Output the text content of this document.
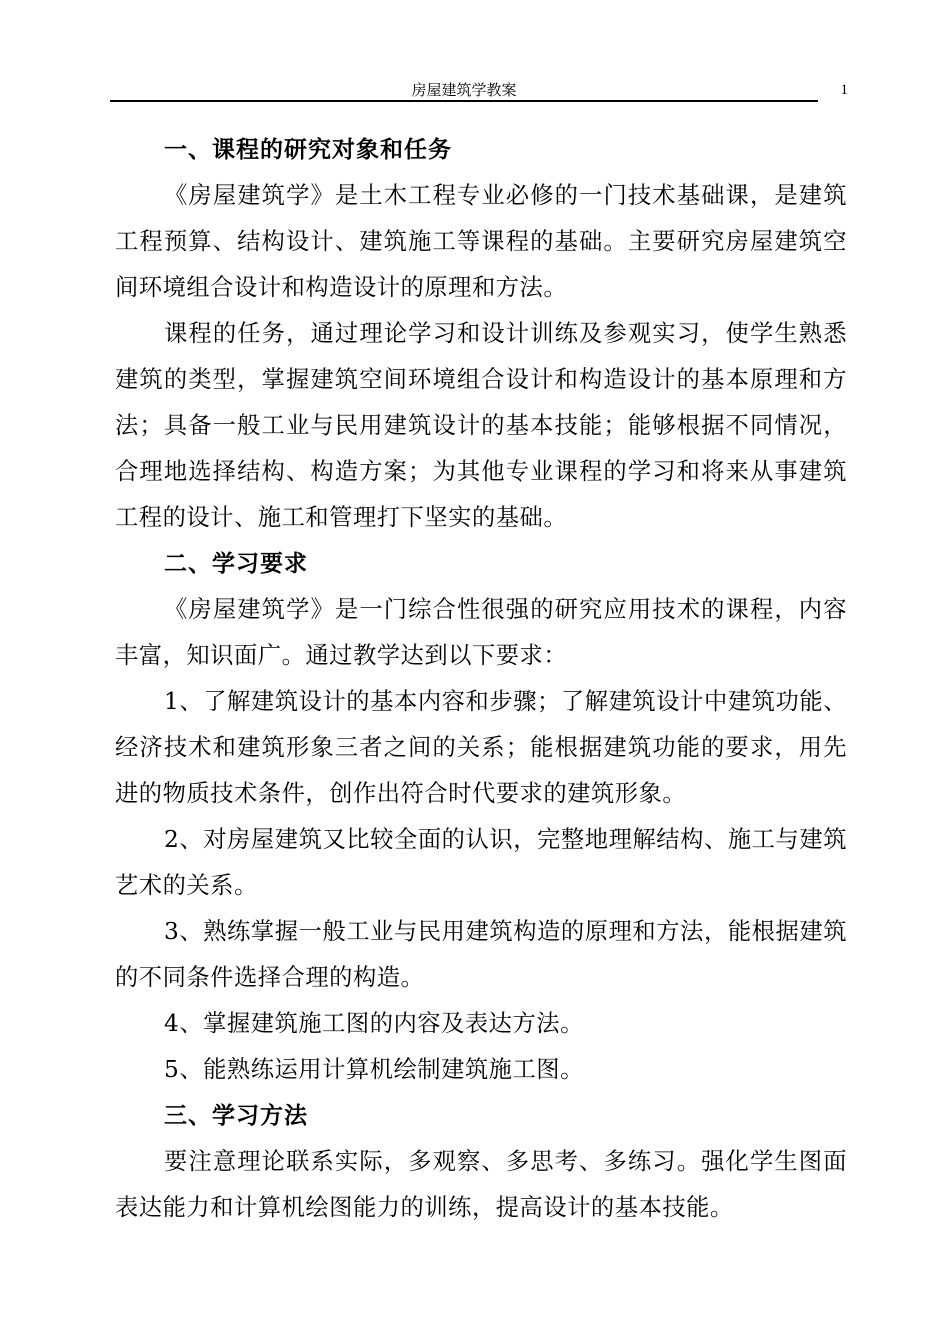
房屋建筑学教案	1
一、课程的研究对象和任务

《房屋建筑学》是土木工程专业必修的一门技术基础课，是建筑工程预算、结构设计、建筑施工等课程的基础。主要研究房屋建筑空间环境组合设计和构造设计的原理和方法。

课程的任务，通过理论学习和设计训练及参观实习，使学生熟悉建筑的类型，掌握建筑空间环境组合设计和构造设计的基本原理和方法；具备一般工业与民用建筑设计的基本技能；能够根据不同情况，合理地选择结构、构造方案；为其他专业课程的学习和将来从事建筑工程的设计、施工和管理打下坚实的基础。

二、学习要求

《房屋建筑学》是一门综合性很强的研究应用技术的课程，内容丰富，知识面广。通过教学达到以下要求：

1、了解建筑设计的基本内容和步骤；了解建筑设计中建筑功能、经济技术和建筑形象三者之间的关系；能根据建筑功能的要求，用先进的物质技术条件，创作出符合时代要求的建筑形象。

2、对房屋建筑又比较全面的认识，完整地理解结构、施工与建筑艺术的关系。

3、熟练掌握一般工业与民用建筑构造的原理和方法，能根据建筑的不同条件选择合理的构造。

4、掌握建筑施工图的内容及表达方法。

5、能熟练运用计算机绘制建筑施工图。

三、学习方法

要注意理论联系实际，多观察、多思考、多练习。强化学生图面表达能力和计算机绘图能力的训练，提高设计的基本技能。
